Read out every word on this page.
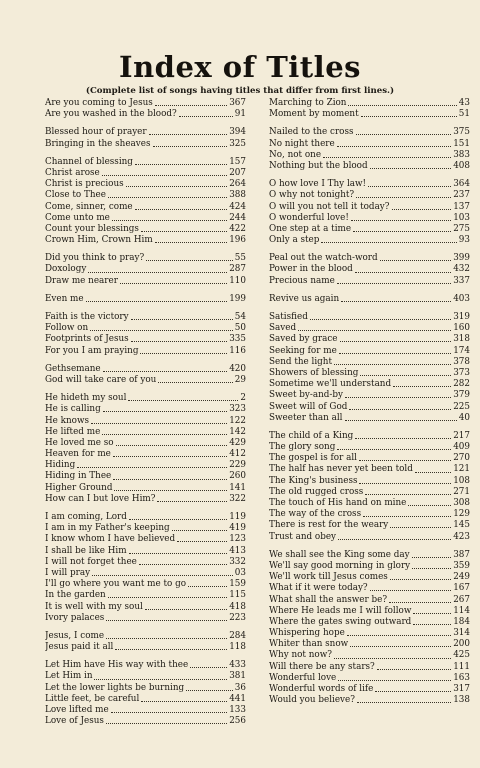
Index of Titles
(Complete list of songs having titles that differ from first lines.)
Are you coming to Jesus	367
Are you washed in the blood?	91
Blessed hour of prayer	394
Bringing in the sheaves	325
Channel of blessing	157
Christ arose	207
Christ is precious	264
Close to Thee	388
Come, sinner, come	424
Come unto me	244
Count your blessings	422
Crown Him, Crown Him	196
Did you think to pray?	55
Doxology	287
Draw me nearer	110
Even me	199
Faith is the victory	54
Follow on	50
Footprints of Jesus	335
For you I am praying	116
Gethsemane	420
God will take care of you	29
He hideth my soul	2
He is calling	323
He knows	122
He lifted me	142
He loved me so	429
Heaven for me	412
Hiding	229
Hiding in Thee	260
Higher Ground	141
How can I but love Him?	322
I am coming, Lord	119
I am in my Father's keeping	419
I know whom I have believed	123
I shall be like Him	413
I will not forget thee	332
I will pray	03
I'll go where you want me to go	159
In the garden	115
It is well with my soul	418
Ivory palaces	223
Jesus, I come	284
Jesus paid it all	118
Let Him have His way with thee	433
Let Him in	381
Let the lower lights be burning	36
Little feet, be careful	441
Love lifted me	133
Love of Jesus	256
Marching to Zion	43
Moment by moment	51
Nailed to the cross	375
No night there	151
No, not one	383
Nothing but the blood	408
O how love I Thy law!	364
O why not tonight?	237
O will you not tell it today?	137
O wonderful love!	103
One step at a time	275
Only a step	93
Peal out the watch-word	399
Power in the blood	432
Precious name	337
Revive us again	403
Satisfied	319
Saved	160
Saved by grace	318
Seeking for me	174
Send the light	378
Showers of blessing	373
Sometime we'll understand	282
Sweet by-and-by	379
Sweet will of God	225
Sweeter than all	40
The child of a King	217
The glory song	409
The gospel is for all	270
The half has never yet been told	121
The King's business	108
The old rugged cross	271
The touch of His hand on mine	308
The way of the cross	129
There is rest for the weary	145
Trust and obey	423
We shall see the King some day	387
We'll say good morning in glory	359
We'll work till Jesus comes	249
What if it were today?	167
What shall the answer be?	267
Where He leads me I will follow	114
Where the gates swing outward	184
Whispering hope	314
Whiter than snow	200
Why not now?	425
Will there be any stars?	111
Wonderful love	163
Wonderful words of life	317
Would you believe?	138
